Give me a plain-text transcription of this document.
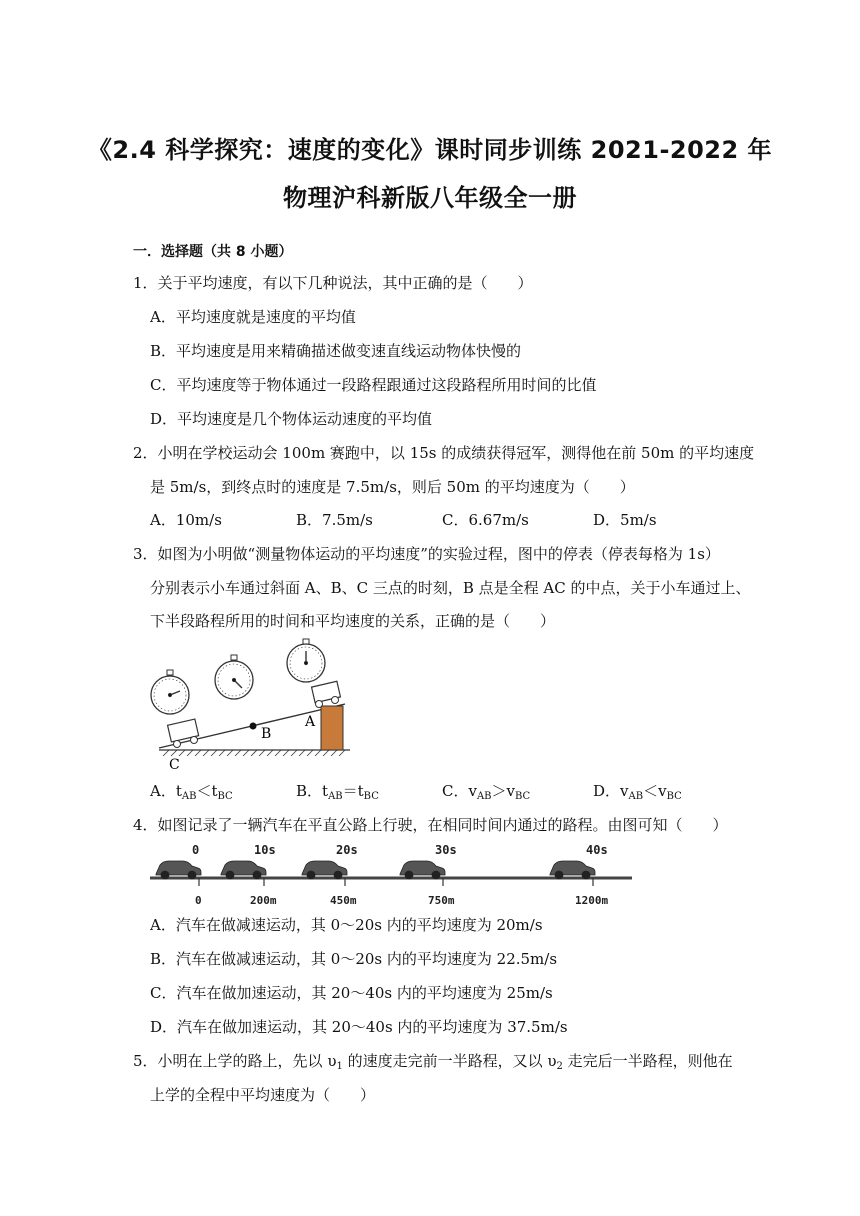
《2.4 科学探究：速度的变化》课时同步训练 2021-2022 年
物理沪科新版八年级全一册
一．选择题（共 8 小题）
1．关于平均速度，有以下几种说法，其中正确的是（　　）
A．平均速度就是速度的平均值
B．平均速度是用来精确描述做变速直线运动物体快慢的
C．平均速度等于物体通过一段路程跟通过这段路程所用时间的比值
D．平均速度是几个物体运动速度的平均值
2．小明在学校运动会 100m 赛跑中，以 15s 的成绩获得冠军，测得他在前 50m 的平均速度
是 5m/s，到终点时的速度是 7.5m/s，则后 50m 的平均速度为（　　）
A．10m/s	B．7.5m/s	C．6.67m/s	D．5m/s
3．如图为小明做“测量物体运动的平均速度”的实验过程，图中的停表（停表每格为 1s）
分别表示小车通过斜面 A、B、C 三点的时刻，B 点是全程 AC 的中点，关于小车通过上、
下半段路程所用的时间和平均速度的关系，正确的是（　　）
A
B
C
A．$t_{AB}<t_{BC}$	B．$t_{AB}=t_{BC}$	C．$v_{AB}>v_{BC}$	D．$v_{AB}<v_{BC}$
4．如图记录了一辆汽车在平直公路上行驶，在相同时间内通过的路程。由图可知（　　）
0	10s	20s	30s	40s
0	200m	450m	750m	1200m
A．汽车在做减速运动，其 0～20s 内的平均速度为 20m/s
B．汽车在做减速运动，其 0～20s 内的平均速度为 22.5m/s
C．汽车在做加速运动，其 20～40s 内的平均速度为 25m/s
D．汽车在做加速运动，其 20～40s 内的平均速度为 37.5m/s
5．小明在上学的路上，先以 $\upsilon_1$ 的速度走完前一半路程，又以 $\upsilon_2$ 走完后一半路程，则他在
上学的全程中平均速度为（　　）
